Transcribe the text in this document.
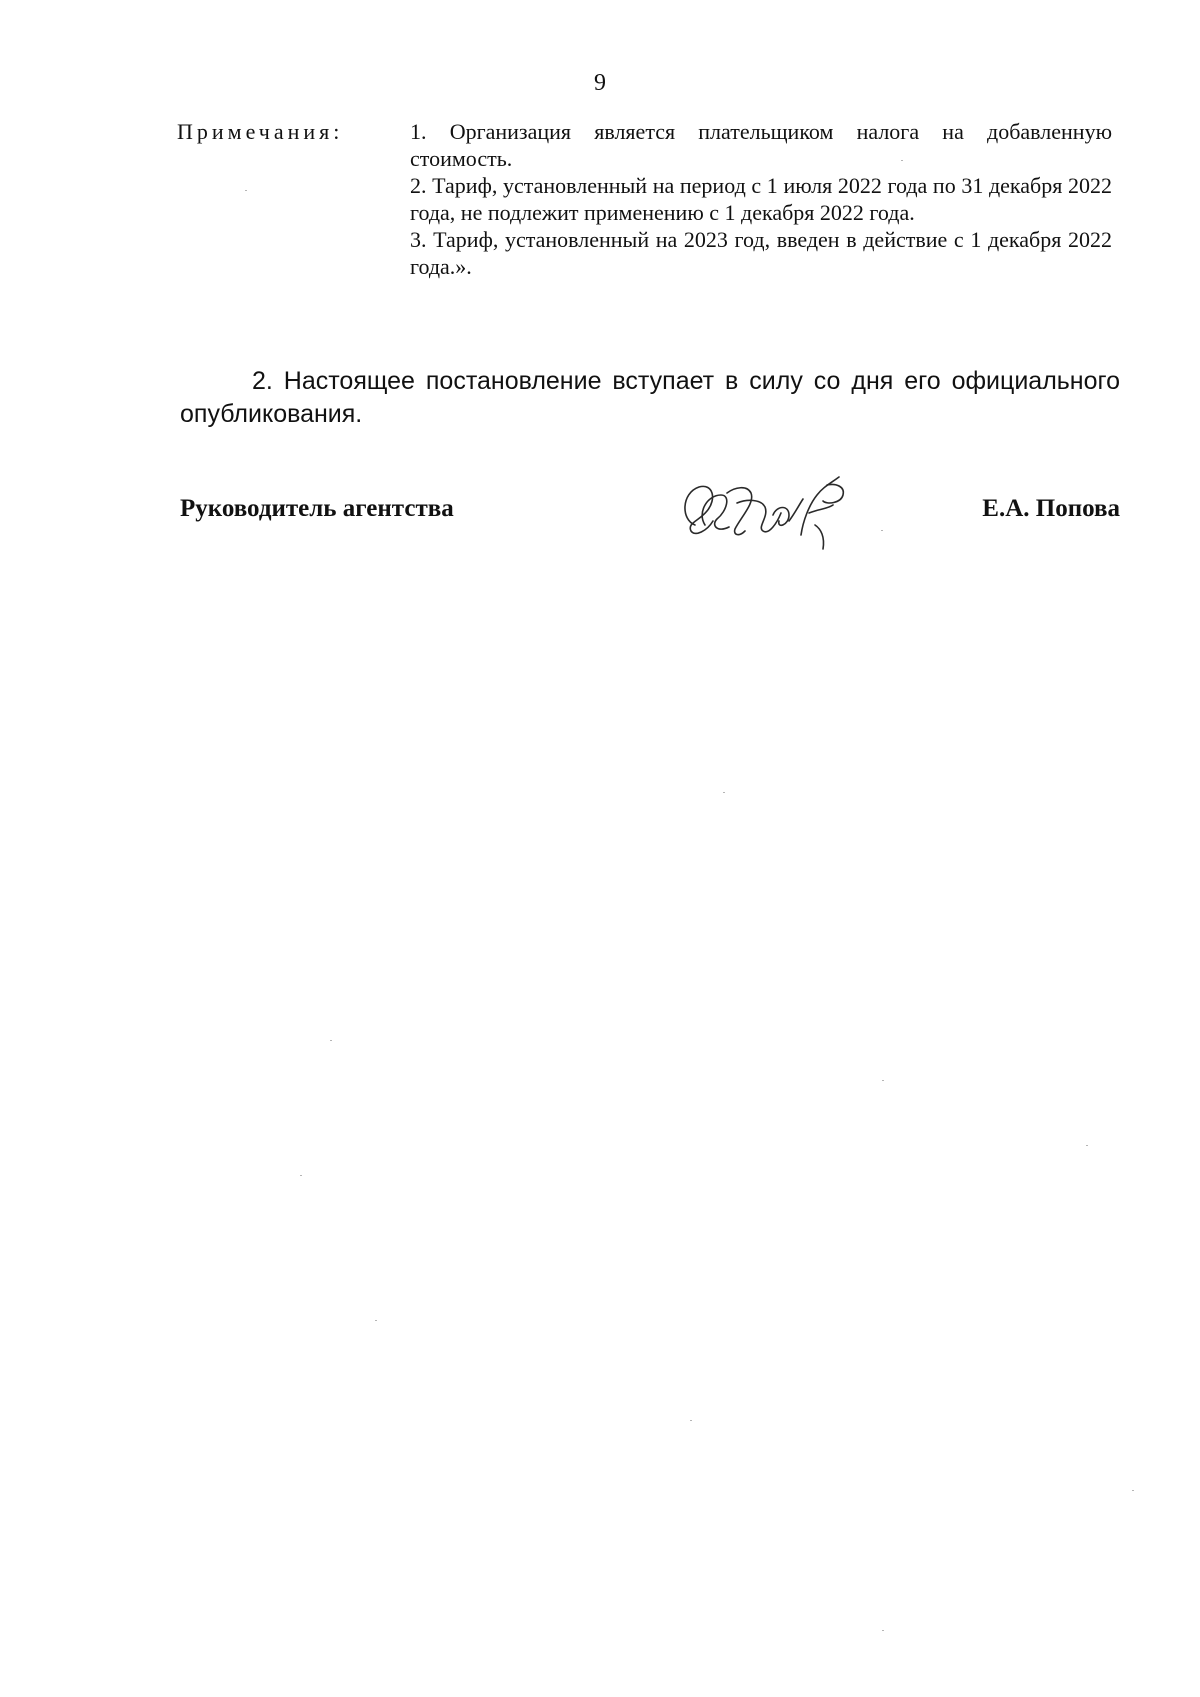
9
Примечания:	1. Организация является плательщиком налога на добавленную стоимость.
2. Тариф, установленный на период с 1 июля 2022 года по 31 декабря 2022 года, не подлежит применению с 1 декабря 2022 года.
3. Тариф, установленный на 2023 год, введен в действие с 1 декабря 2022 года.».

2. Настоящее постановление вступает в силу со дня его официального опубликования.

Руководитель агентства	Е.А. Попова
